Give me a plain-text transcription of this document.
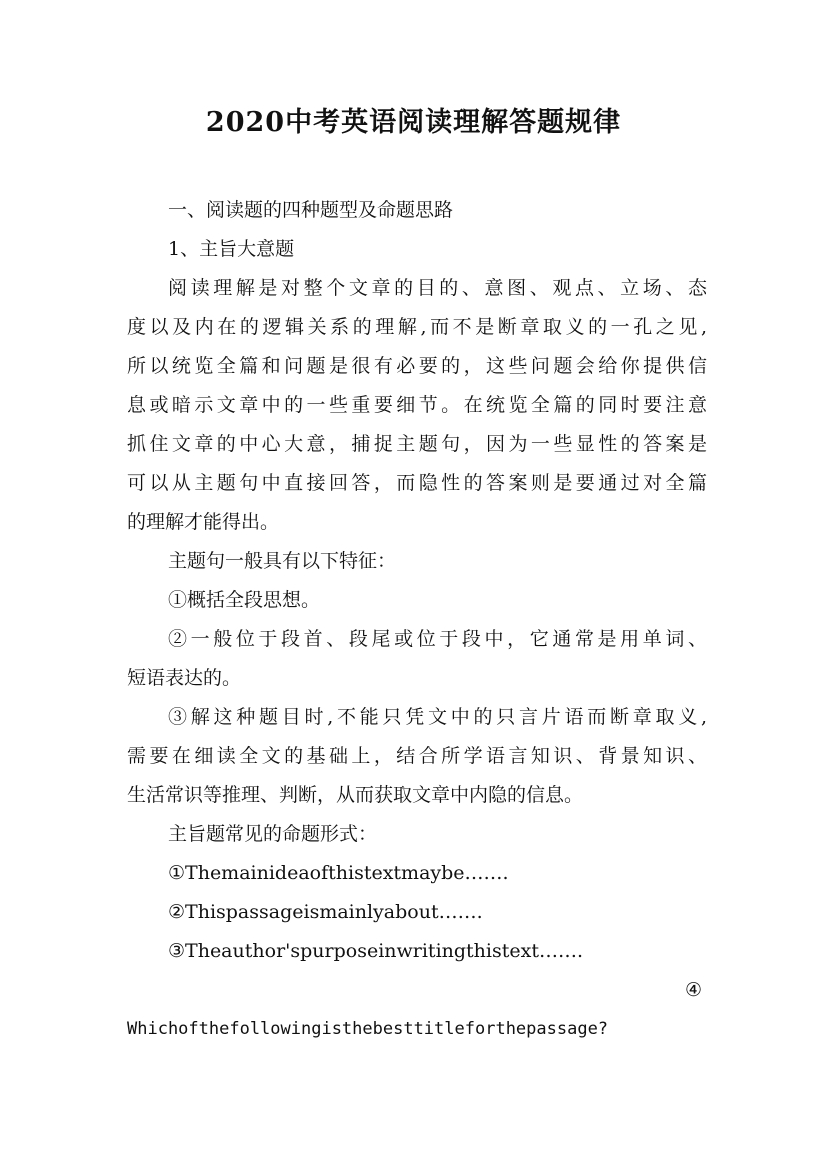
2020中考英语阅读理解答题规律
一、阅读题的四种题型及命题思路
1、主旨大意题
阅读理解是对整个文章的目的、意图、观点、立场、态
度以及内在的逻辑关系的理解,而不是断章取义的一孔之见,
所以统览全篇和问题是很有必要的，这些问题会给你提供信
息或暗示文章中的一些重要细节。在统览全篇的同时要注意
抓住文章的中心大意，捕捉主题句，因为一些显性的答案是
可以从主题句中直接回答，而隐性的答案则是要通过对全篇
的理解才能得出。
主题句一般具有以下特征：
①概括全段思想。
②一般位于段首、段尾或位于段中，它通常是用单词、
短语表达的。
③解这种题目时,不能只凭文中的只言片语而断章取义,
需要在细读全文的基础上，结合所学语言知识、背景知识、
生活常识等推理、判断，从而获取文章中内隐的信息。
主旨题常见的命题形式：
①Themainideaofthistextmaybe…….
②Thispassageismainlyabout…….
③Theauthor'spurposeinwritingthistext…….
④
Whichofthefollowingisthebesttitleforthepassage?
